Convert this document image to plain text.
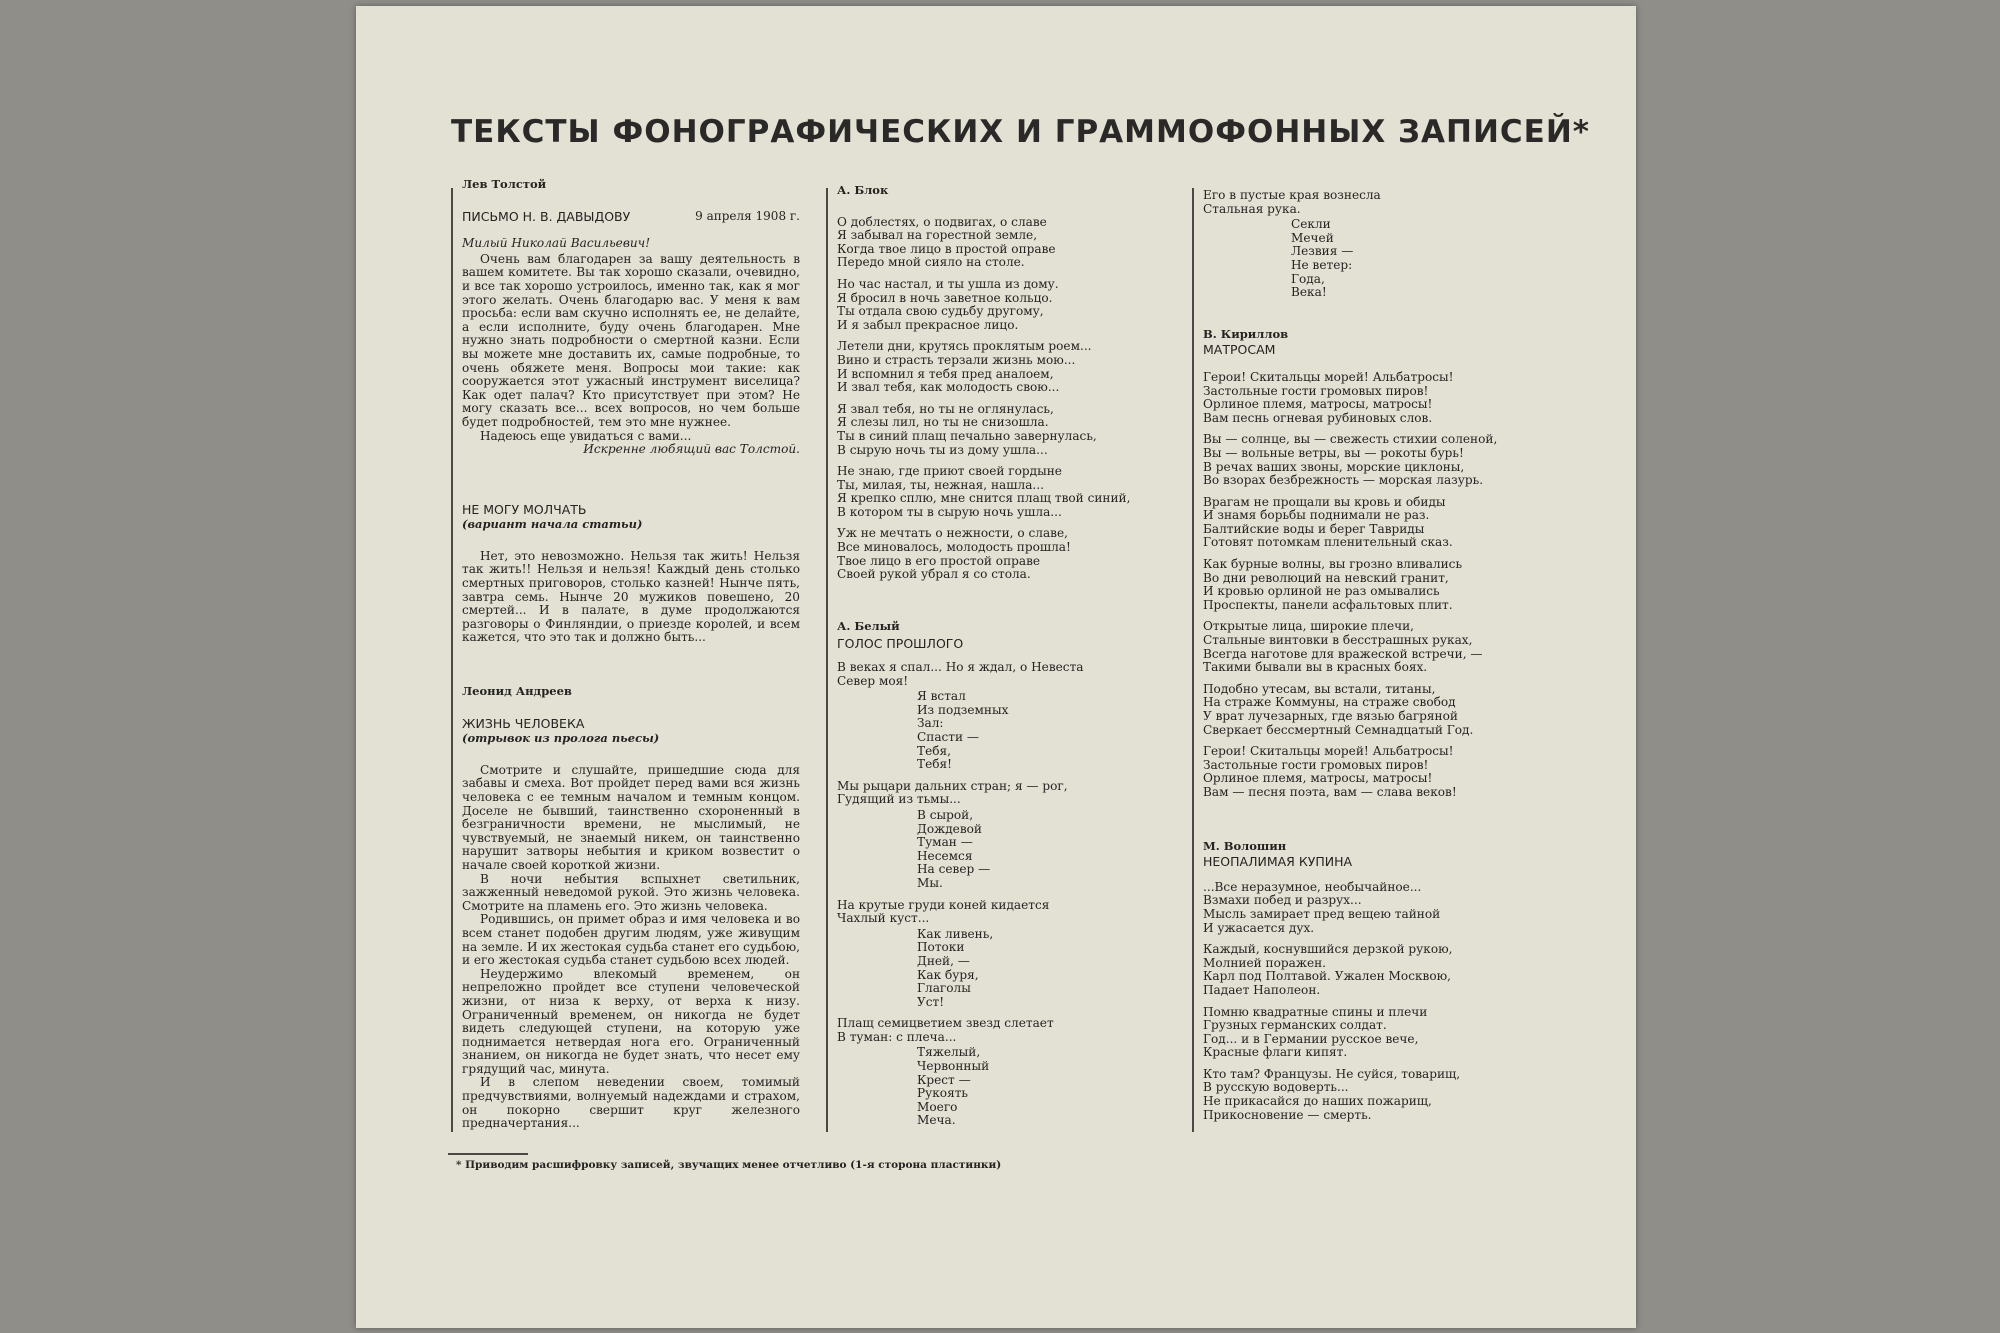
ТЕКСТЫ ФОНОГРАФИЧЕСКИХ И ГРАММОФОННЫХ ЗАПИСЕЙ*
Лев Толстой
ПИСЬМО Н. В. ДАВЫДОВУ	9 апреля 1908 г.
Милый Николай Васильевич!

Очень вам благодарен за вашу деятельность в вашем комитете. Вы так хорошо сказали, очевидно, и все так хорошо устроилось, именно так, как я мог этого желать. Очень благодарю вас. У меня к вам просьба: если вам скучно исполнять ее, не делайте, а если исполните, буду очень благодарен. Мне нужно знать подробности о смертной казни. Если вы можете мне доставить их, самые подробные, то очень обяжете меня. Вопросы мои такие: как сооружается этот ужасный инструмент виселица? Как одет палач? Кто присутствует при этом? Не могу сказать все... всех вопросов, но чем больше будет подробностей, тем это мне нужнее.

Надеюсь еще увидаться с вами...

Искренне любящий вас Толстой.

НЕ МОГУ МОЛЧАТЬ
(вариант начала статьи)

Нет, это невозможно. Нельзя так жить! Нельзя так жить!! Нельзя и нельзя! Каждый день столько смертных приговоров, столько казней! Нынче пять, завтра семь. Нынче 20 мужиков повешено, 20 смертей... И в палате, в думе продолжаются разговоры о Финляндии, о приезде королей, и всем кажется, что это так и должно быть...

Леонид Андреев
ЖИЗНЬ ЧЕЛОВЕКА
(отрывок из пролога пьесы)

Смотрите и слушайте, пришедшие сюда для забавы и смеха. Вот пройдет перед вами вся жизнь человека с ее темным началом и темным концом. Доселе не бывший, таинственно схороненный в безграничности времени, не мыслимый, не чувствуемый, не знаемый никем, он таинственно нарушит затворы небытия и криком возвестит о начале своей короткой жизни.

В ночи небытия вспыхнет светильник, зажженный неведомой рукой. Это жизнь человека. Смотрите на пламень его. Это жизнь человека.

Родившись, он примет образ и имя человека и во всем станет подобен другим людям, уже живущим на земле. И их жестокая судьба станет его судьбою, и его жестокая судьба станет судьбою всех людей.

Неудержимо влекомый временем, он непреложно пройдет все ступени человеческой жизни, от низа к верху, от верха к низу. Ограниченный временем, он никогда не будет видеть следующей ступени, на которую уже поднимается нетвердая нога его. Ограниченный знанием, он никогда не будет знать, что несет ему грядущий час, минута.

И в слепом неведении своем, томимый предчувствиями, волнуемый надеждами и страхом, он покорно свершит круг железного предначертания...

А. Блок
О доблестях, о подвигах, о славе
Я забывал на горестной земле,
Когда твое лицо в простой оправе
Передо мной сияло на столе.
Но час настал, и ты ушла из дому.
Я бросил в ночь заветное кольцо.
Ты отдала свою судьбу другому,
И я забыл прекрасное лицо.
Летели дни, крутясь проклятым роем...
Вино и страсть терзали жизнь мою...
И вспомнил я тебя пред аналоем,
И звал тебя, как молодость свою...
Я звал тебя, но ты не оглянулась,
Я слезы лил, но ты не снизошла.
Ты в синий плащ печально завернулась,
В сырую ночь ты из дому ушла...
Не знаю, где приют своей гордыне
Ты, милая, ты, нежная, нашла...
Я крепко сплю, мне снится плащ твой синий,
В котором ты в сырую ночь ушла...
Уж не мечтать о нежности, о славе,
Все миновалось, молодость прошла!
Твое лицо в его простой оправе
Своей рукой убрал я со стола.
А. Белый
ГОЛОС ПРОШЛОГО
В веках я спал... Но я ждал, о Невеста
Север моя!
Я встал
Из подземных
Зал:
Спасти —
Тебя,
Тебя!
Мы рыцари дальних стран; я — рог,
Гудящий из тьмы...
В сырой,
Дождевой
Туман —
Несемся
На север —
Мы.
На крутые груди коней кидается
Чахлый куст...
Как ливень,
Потоки
Дней, —
Как буря,
Глаголы
Уст!
Плащ семицветием звезд слетает
В туман: с плеча...
Тяжелый,
Червонный
Крест —
Рукоять
Моего
Меча.
Его в пустые края вознесла
Стальная рука.
Секли
Мечей
Лезвия —
Не ветер:
Года,
Века!
В. Кириллов
МАТРОСАМ
Герои! Скитальцы морей! Альбатросы!
Застольные гости громовых пиров!
Орлиное племя, матросы, матросы!
Вам песнь огневая рубиновых слов.
Вы — солнце, вы — свежесть стихии соленой,
Вы — вольные ветры, вы — рокоты бурь!
В речах ваших звоны, морские циклоны,
Во взорах безбрежность — морская лазурь.
Врагам не прощали вы кровь и обиды
И знамя борьбы поднимали не раз.
Балтийские воды и берег Тавриды
Готовят потомкам пленительный сказ.
Как бурные волны, вы грозно вливались
Во дни революций на невский гранит,
И кровью орлиной не раз омывались
Проспекты, панели асфальтовых плит.
Открытые лица, широкие плечи,
Стальные винтовки в бесстрашных руках,
Всегда наготове для вражеской встречи, —
Такими бывали вы в красных боях.
Подобно утесам, вы встали, титаны,
На страже Коммуны, на страже свобод
У врат лучезарных, где вязью багряной
Сверкает бессмертный Семнадцатый Год.
Герои! Скитальцы морей! Альбатросы!
Застольные гости громовых пиров!
Орлиное племя, матросы, матросы!
Вам — песня поэта, вам — слава веков!
М. Волошин
НЕОПАЛИМАЯ КУПИНА
...Все неразумное, необычайное...
Взмахи побед и разрух...
Мысль замирает пред вещею тайной
И ужасается дух.
Каждый, коснувшийся дерзкой рукою,
Молнией поражен.
Карл под Полтавой. Ужален Москвою,
Падает Наполеон.
Помню квадратные спины и плечи
Грузных германских солдат.
Год... и в Германии русское вече,
Красные флаги кипят.
Кто там? Французы. Не суйся, товарищ,
В русскую водоверть...
Не прикасайся до наших пожарищ,
Прикосновение — смерть.
* Приводим расшифровку записей, звучащих менее отчетливо (1-я сторона пластинки)
